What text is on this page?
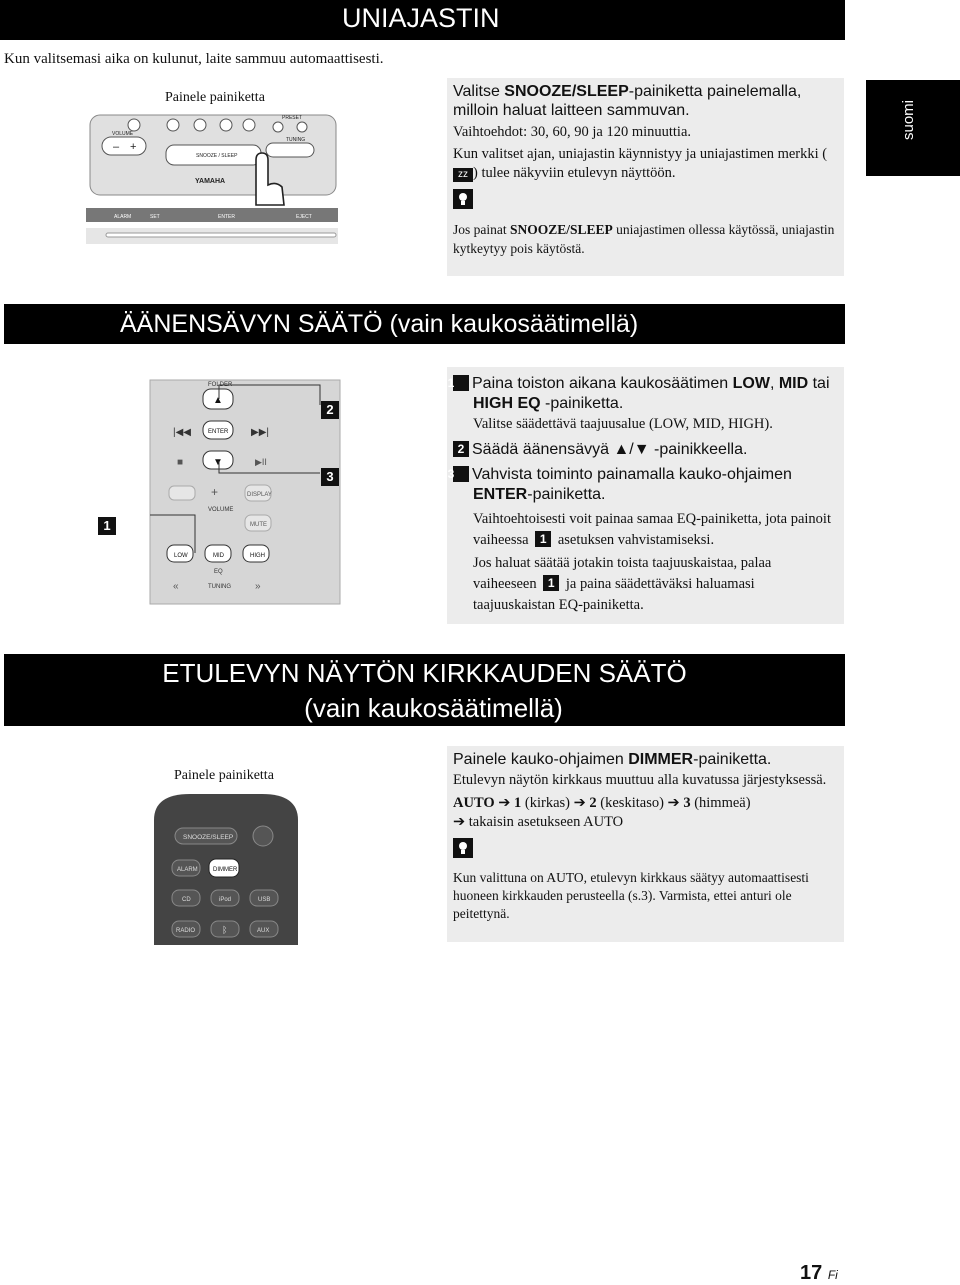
suomi
UNIAJASTIN
Kun valitsemasi aika on kulunut, laite sammuu automaattisesti.
Painele painiketta
– +
VOLUME
PRESET
TUNING
SNOOZE / SLEEP
YAMAHA
ALARM	SET	ENTER	EJECT
Valitse SNOOZE/SLEEP-painiketta painelemalla, milloin haluat laitteen sammuvan.
Vaihtoehdot: 30, 60, 90 ja 120 minuuttia.
Kun valitset ajan, uniajastin käynnistyy ja uniajastimen merkki (zz ) tulee näkyviin etulevyn näyttöön.
Jos painat SNOOZE/SLEEP uniajastimen ollessa käytössä, uniajastin kytkeytyy pois käytöstä.
ÄÄNENSÄVYN SÄÄTÖ (vain kaukosäätimellä)
FOLDER
▲
|◀◀	ENTER ▶▶|
▼
■	▶II
+
VOLUME
DISPLAY
MUTE
LOW	MID	HIGH
EQ
«	TUNING »
1
2
3
1 Paina toiston aikana kaukosäätimen LOW, MID tai HIGH EQ -painiketta.
Valitse säädettävä taajuusalue (LOW, MID, HIGH).
2 Säädä äänensävyä ▲/▼ -painikkeella.
3 Vahvista toiminto painamalla kauko-ohjaimen ENTER-painiketta.
Vaihtoehtoisesti voit painaa samaa EQ-painiketta, jota painoit vaiheessa 1 asetuksen vahvistamiseksi.
Jos haluat säätää jotakin toista taajuuskaistaa, palaa vaiheeseen 1 ja paina säädettäväksi haluamasi taajuuskaistan EQ-painiketta.
ETULEVYN NÄYTÖN KIRKKAUDEN SÄÄTÖ
(vain kaukosäätimellä)
Painele painiketta
SNOOZE/SLEEP
ALARM	DIMMER
CD	iPod	USB
RADIO	ᛒ	AUX
Painele kauko-ohjaimen DIMMER-painiketta.
Etulevyn näytön kirkkaus muuttuu alla kuvatussa järjestyksessä.
AUTO ➔ 1 (kirkas) ➔ 2 (keskitaso) ➔ 3 (himmeä)
➔ takaisin asetukseen AUTO
Kun valittuna on AUTO, etulevyn kirkkaus säätyy automaattisesti huoneen kirkkauden perusteella (s.3). Varmista, ettei anturi ole peitettynä.
17 Fi
